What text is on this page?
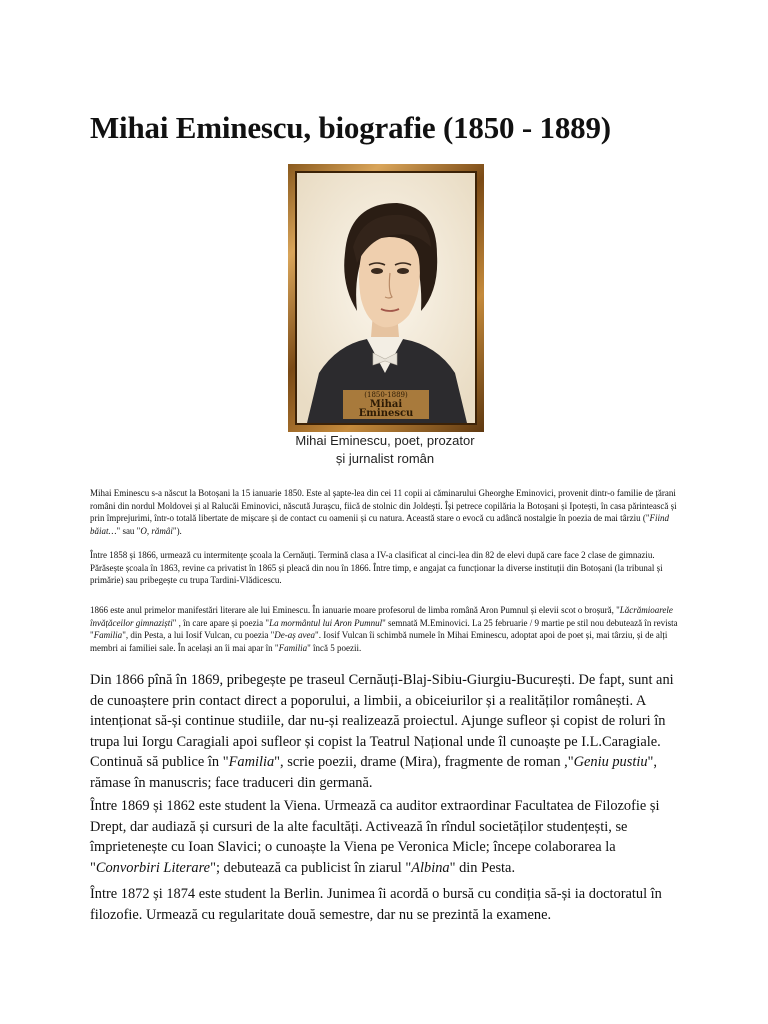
Mihai Eminescu, biografie (1850 - 1889)
(1850-1889)
Mihai Eminescu
Mihai Eminescu, poet, prozator
și jurnalist român

Mihai Eminescu s-a născut la Botoșani la 15 ianuarie 1850. Este al șapte-lea din cei 11 copii ai căminarului Gheorghe Eminovici, provenit dintr-o familie de țărani români din nordul Moldovei și al Ralucăi Eminovici, născută Jurașcu, fiică de stolnic din Joldești. Își petrece copilăria la Botoșani și Ipotești, în casa părintească și prin împrejurimi, într-o totală libertate de mișcare și de contact cu oamenii și cu natura. Această stare o evocă cu adâncă nostalgie în poezia de mai târziu ("Fiind băiat…" sau "O, rămâi").

Între 1858 și 1866, urmează cu intermitențe școala la Cernăuți. Termină clasa a IV-a clasificat al cinci-lea din 82 de elevi după care face 2 clase de gimnaziu. Părăsește școala în 1863, revine ca privatist în 1865 și pleacă din nou în 1866. Între timp, e angajat ca funcționar la diverse instituții din Botoșani (la tribunal și primărie) sau pribegește cu trupa Tardini-Vlădicescu.

1866 este anul primelor manifestări literare ale lui Eminescu. În ianuarie moare profesorul de limba română Aron Pumnul și elevii scot o broșură, "Lăcrămioarele învățăceilor gimnaziști" , în care apare și poezia "La mormântul lui Aron Pumnul" semnată M.Eminovici. La 25 februarie / 9 martie pe stil nou debutează în revista "Familia", din Pesta, a lui Iosif Vulcan, cu poezia "De-aș avea". Iosif Vulcan îi schimbă numele în Mihai Eminescu, adoptat apoi de poet și, mai târziu, și de alți membri ai familiei sale. În același an îi mai apar în "Familia" încă 5 poezii.

Din 1866 pînă în 1869, pribegește pe traseul Cernăuți-Blaj-Sibiu-Giurgiu-București. De fapt, sunt ani de cunoaștere prin contact direct a poporului, a limbii, a obiceiurilor și a realităților românești. A intenționat să-și continue studiile, dar nu-și realizează proiectul. Ajunge sufleor și copist de roluri în trupa lui Iorgu Caragiali apoi sufleor și copist la Teatrul Național unde îl cunoaște pe I.L.Caragiale. Continuă să publice în "Familia", scrie poezii, drame (Mira), fragmente de roman ,"Geniu pustiu", rămase în manuscris; face traduceri din germană.

Între 1869 și 1862 este student la Viena. Urmează ca auditor extraordinar Facultatea de Filozofie și Drept, dar audiază și cursuri de la alte facultăți. Activează în rîndul societăților studențești, se împrietenește cu Ioan Slavici; o cunoaște la Viena pe Veronica Micle; începe colaborarea la "Convorbiri Literare"; debutează ca publicist în ziarul "Albina" din Pesta.

Între 1872 și 1874 este student la Berlin. Junimea îi acordă o bursă cu condiția să-și ia doctoratul în filozofie. Urmează cu regularitate două semestre, dar nu se prezintă la examene.
